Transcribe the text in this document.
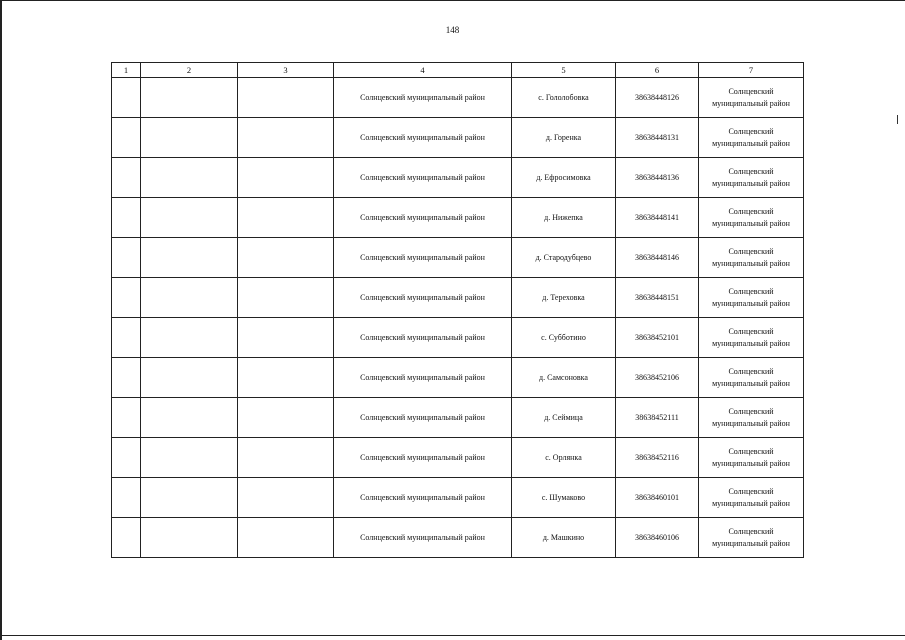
148
1	2	3	4	5	6	7
			Солнцевский муниципальный район	с. Гололобовка	38638448126	Солнцевский муниципальный район
			Солнцевский муниципальный район	д. Горенка	38638448131	Солнцевский муниципальный район
			Солнцевский муниципальный район	д. Ефросимовка	38638448136	Солнцевский муниципальный район
			Солнцевский муниципальный район	д. Нижепка	38638448141	Солнцевский муниципальный район
			Солнцевский муниципальный район	д. Стародубцево	38638448146	Солнцевский муниципальный район
			Солнцевский муниципальный район	д. Тереховка	38638448151	Солнцевский муниципальный район
			Солнцевский муниципальный район	с. Субботино	38638452101	Солнцевский муниципальный район
			Солнцевский муниципальный район	д. Самсоновка	38638452106	Солнцевский муниципальный район
			Солнцевский муниципальный район	д. Сеймица	38638452111	Солнцевский муниципальный район
			Солнцевский муниципальный район	с. Орлянка	38638452116	Солнцевский муниципальный район
			Солнцевский муниципальный район	с. Шумаково	38638460101	Солнцевский муниципальный район
			Солнцевский муниципальный район	д. Машкино	38638460106	Солнцевский муниципальный район
